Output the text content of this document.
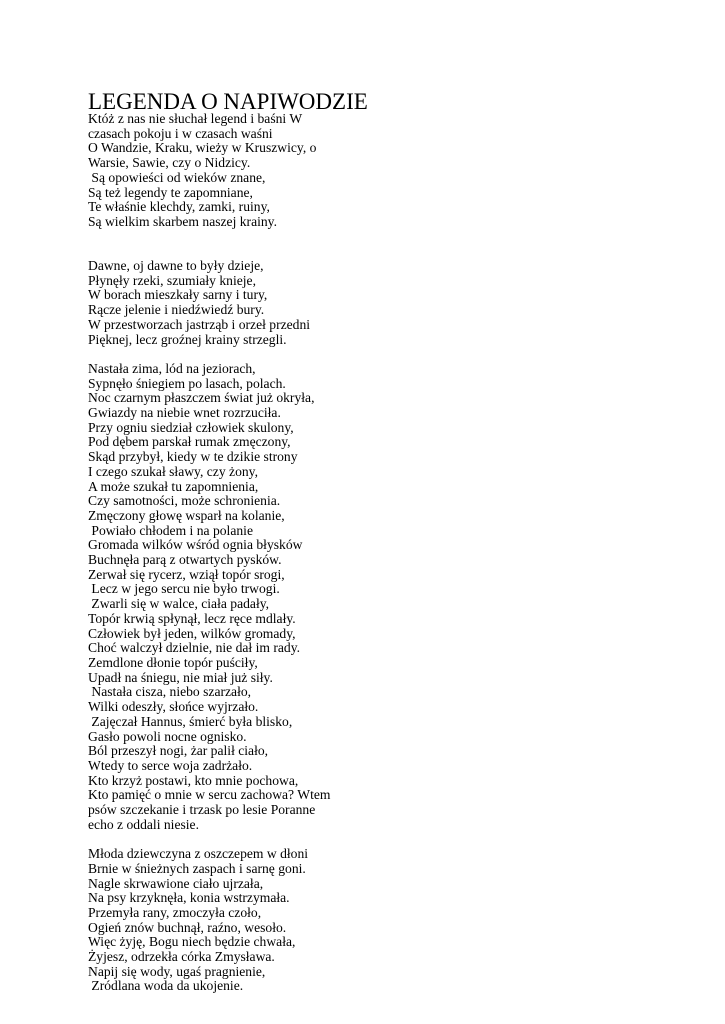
LEGENDA O NAPIWODZIE
Któż z nas nie słuchał legend i baśni W
czasach pokoju i w czasach waśni
O Wandzie, Kraku, wieży w Kruszwicy, o
Warsie, Sawie, czy o Nidzicy.
Są opowieści od wieków znane,
Są też legendy te zapomniane,
Te właśnie klechdy, zamki, ruiny,
Są wielkim skarbem naszej krainy.
Dawne, oj dawne to były dzieje,
Płynęły rzeki, szumiały knieje,
W borach mieszkały sarny i tury,
Rącze jelenie i niedźwiedź bury.
W przestworzach jastrząb i orzeł przedni
Pięknej, lecz groźnej krainy strzegli.
Nastała zima, lód na jeziorach,
Sypnęło śniegiem po lasach, polach.
Noc czarnym płaszczem świat już okryła,
Gwiazdy na niebie wnet rozrzuciła.
Przy ogniu siedział człowiek skulony,
Pod dębem parskał rumak zmęczony,
Skąd przybył, kiedy w te dzikie strony
I czego szukał sławy, czy żony,
A może szukał tu zapomnienia,
Czy samotności, może schronienia.
Zmęczony głowę wsparł na kolanie,
Powiało chłodem i na polanie
Gromada wilków wśród ognia błysków
Buchnęła parą z otwartych pysków.
Zerwał się rycerz, wziął topór srogi,
Lecz w jego sercu nie było trwogi.
Zwarli się w walce, ciała padały,
Topór krwią spłynął, lecz ręce mdlały.
Człowiek był jeden, wilków gromady,
Choć walczył dzielnie, nie dał im rady.
Zemdlone dłonie topór puściły,
Upadł na śniegu, nie miał już siły.
Nastała cisza, niebo szarzało,
Wilki odeszły, słońce wyjrzało.
Zajęczał Hannus, śmierć była blisko,
Gasło powoli nocne ognisko.
Ból przeszył nogi, żar palił ciało,
Wtedy to serce woja zadrżało.
Kto krzyż postawi, kto mnie pochowa,
Kto pamięć o mnie w sercu zachowa? Wtem
psów szczekanie i trzask po lesie Poranne
echo z oddali niesie.
Młoda dziewczyna z oszczepem w dłoni
Brnie w śnieżnych zaspach i sarnę goni.
Nagle skrwawione ciało ujrzała,
Na psy krzyknęła, konia wstrzymała.
Przemyła rany, zmoczyła czoło,
Ogień znów buchnął, raźno, wesoło.
Więc żyję, Bogu niech będzie chwała,
Żyjesz, odrzekła córka Zmysława.
Napij się wody, ugaś pragnienie,
Zródlana woda da ukojenie.
